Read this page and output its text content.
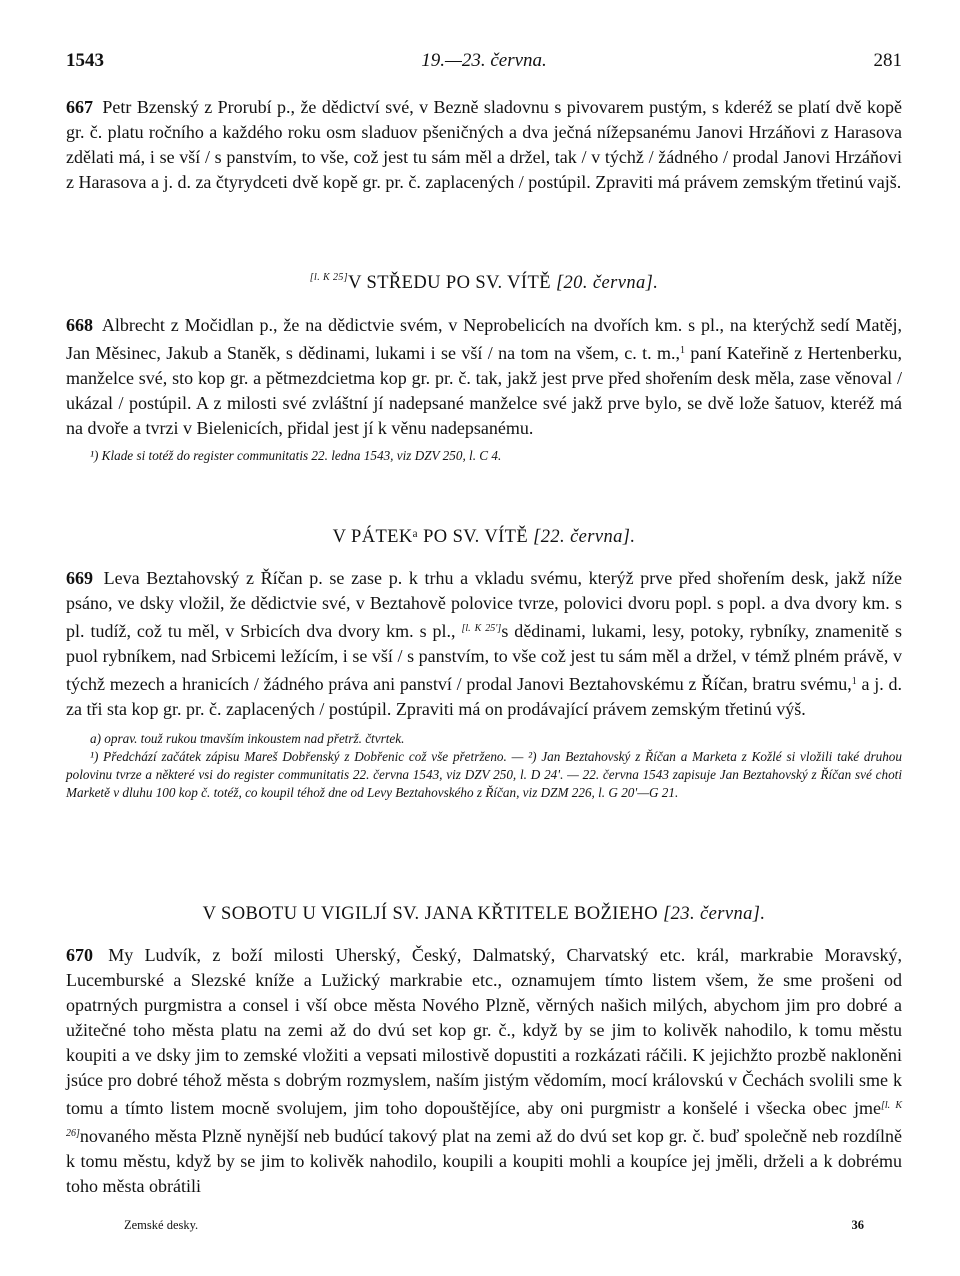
1543	19.—23. června.	281

667 Petr Bzenský z Prorubí p., že dědictví své, v Bezně sladovnu s pivovarem pustým, s kderéž se platí dvě kopě gr. č. platu ročního a každého roku osm sladuov pšeničných a dva ječná nížepsanému Janovi Hrzáňovi z Harasova zdělati má, i se vší / s panstvím, to vše, což jest tu sám měl a držel, tak / v týchž / žádného / prodal Janovi Hrzáňovi z Harasova a j. d. za čtyrydceti dvě kopě gr. pr. č. zaplacených / postúpil. Zpraviti má právem zemským třetinú vajš.

[l. K 25]V STŘEDU PO SV. VÍTĚ [20. června].

668 Albrecht z Močidlan p., že na dědictvie svém, v Neprobelicích na dvořích km. s pl., na kterýchž sedí Matěj, Jan Měsinec, Jakub a Staněk, s dědinami, lukami i se vší / na tom na všem, c. t. m.,$^1$ paní Kateřině z Hertenberku, manželce své, sto kop gr. a pětmezdcietma kop gr. pr. č. tak, jakž jest prve před shořením desk měla, zase věnoval / ukázal / postúpil. A z milosti své zvláštní jí nadepsané manželce své jakž prve bylo, se dvě lože šatuov, kteréž má na dvoře a tvrzi v Bielenicích, přidal jest jí k věnu nadepsanému.

¹) Klade si totéž do register communitatis 22. ledna 1543, viz DZV 250, l. C 4.

V PÁTEKᵃ PO SV. VÍTĚ [22. června].

669 Leva Beztahovský z Říčan p. se zase p. k trhu a vkladu svému, kterýž prve před shořením desk, jakž níže psáno, ve dsky vložil, že dědictvie své, v Beztahově polovice tvrze, polovici dvoru popl. s popl. a dva dvory km. s pl. tudíž, což tu měl, v Srbicích dva dvory km. s pl., [l. K 25']s dědinami, lukami, lesy, potoky, rybníky, znamenitě s puol rybníkem, nad Srbicemi ležícím, i se vší / s panstvím, to vše což jest tu sám měl a držel, v témž plném právě, v týchž mezech a hranicích / žádného práva ani panství / prodal Janovi Beztahovskému z Říčan, bratru svému,$^1$ a j. d. za tři sta kop gr. pr. č. zaplacených / postúpil. Zpraviti má on prodávající právem zemským třetinú výš.

a) oprav. touž rukou tmavším inkoustem nad přetrž. čtvrtek.

¹) Předchází začátek zápisu Mareš Dobřenský z Dobřenic což vše přetrženo. — ²) Jan Beztahovský z Říčan a Marketa z Kožlé si vložili také druhou polovinu tvrze a některé vsi do register communitatis 22. června 1543, viz DZV 250, l. D 24'. — 22. června 1543 zapisuje Jan Beztahovský z Říčan své choti Marketě v dluhu 100 kop č. totéž, co koupil téhož dne od Levy Beztahovského z Říčan, viz DZM 226, l. G 20'—G 21.

V SOBOTU U VIGILJÍ SV. JANA KŘTITELE BOŽIEHO [23. června].

670 My Ludvík, z boží milosti Uherský, Český, Dalmatský, Charvatský etc. král, markrabie Moravský, Lucemburské a Slezské kníže a Lužický markrabie etc., oznamujem tímto listem všem, že sme prošeni od opatrných purgmistra a consel i vší obce města Nového Plzně, věrných našich milých, abychom jim pro dobré a užitečné toho města platu na zemi až do dvú set kop gr. č., když by se jim to kolivěk nahodilo, k tomu městu koupiti a ve dsky jim to zemské vložiti a vepsati milostivě dopustiti a rozkázati ráčili. K jejichžto prozbě nakloněni jsúce pro dobré téhož města s dobrým rozmyslem, naším jistým vědomím, mocí královskú v Čechách svolili sme k tomu a tímto listem mocně svolujem, jim toho dopouštějíce, aby oni purgmistr a konšelé i všecka obec jme[l. K 26]novaného města Plzně nynější neb budúcí takový plat na zemi až do dvú set kop gr. č. buď společně neb rozdílně k tomu městu, když by se jim to kolivěk nahodilo, koupili a koupiti mohli a koupíce jej jměli, drželi a k dobrému toho města obrátili

Zemské desky.	36
